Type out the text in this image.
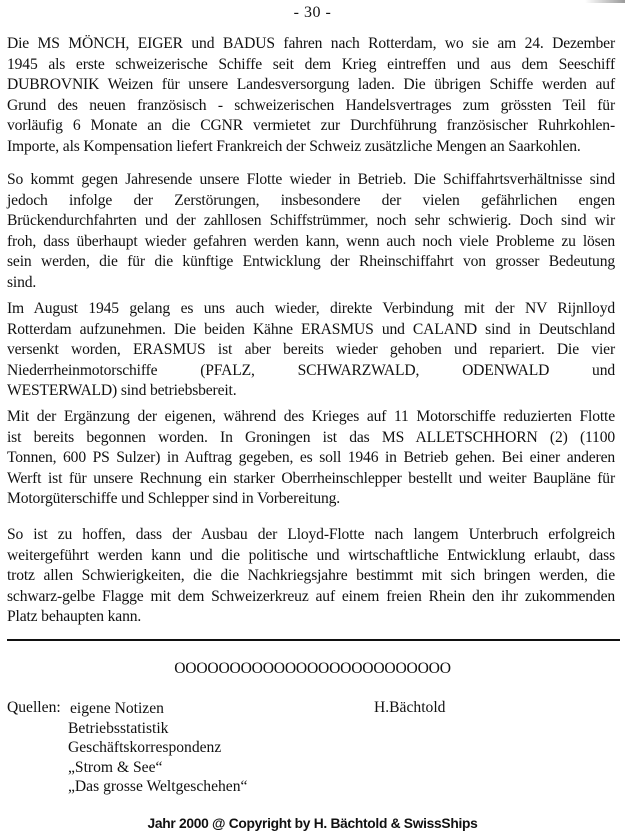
- 30 -
Die MS MÖNCH, EIGER und BADUS fahren nach Rotterdam, wo sie am 24. Dezember
1945 als erste schweizerische Schiffe seit dem Krieg eintreffen und aus dem Seeschiff
DUBROVNIK Weizen für unsere Landesversorgung laden. Die übrigen Schiffe werden auf
Grund des neuen französisch - schweizerischen Handelsvertrages zum grössten Teil für
vorläufig 6 Monate an die CGNR vermietet zur Durchführung französischer Ruhrkohlen-
Importe, als Kompensation liefert Frankreich der Schweiz zusätzliche Mengen an Saarkohlen.
So kommt gegen Jahresende unsere Flotte wieder in Betrieb. Die Schiffahrtsverhältnisse sind
jedoch infolge der Zerstörungen, insbesondere der vielen gefährlichen engen
Brückendurchfahrten und der zahllosen Schiffstrümmer, noch sehr schwierig. Doch sind wir
froh, dass überhaupt wieder gefahren werden kann, wenn auch noch viele Probleme zu lösen
sein werden, die für die künftige Entwicklung der Rheinschiffahrt von grosser Bedeutung
sind.
Im August 1945 gelang es uns auch wieder, direkte Verbindung mit der NV Rijnlloyd
Rotterdam aufzunehmen. Die beiden Kähne ERASMUS und CALAND sind in Deutschland
versenkt worden, ERASMUS ist aber bereits wieder gehoben und repariert. Die vier
Niederrheinmotorschiffe (PFALZ, SCHWARZWALD, ODENWALD und
WESTERWALD) sind betriebsbereit.
Mit der Ergänzung der eigenen, während des Krieges auf 11 Motorschiffe reduzierten Flotte
ist bereits begonnen worden. In Groningen ist das MS ALLETSCHHORN (2) (1100
Tonnen, 600 PS Sulzer) in Auftrag gegeben, es soll 1946 in Betrieb gehen. Bei einer anderen
Werft ist für unsere Rechnung ein starker Oberrheinschlepper bestellt und weiter Baupläne für
Motorgüterschiffe und Schlepper sind in Vorbereitung.
So ist zu hoffen, dass der Ausbau der Lloyd-Flotte nach langem Unterbruch erfolgreich
weitergeführt werden kann und die politische und wirtschaftliche Entwicklung erlaubt, dass
trotz allen Schwierigkeiten, die die Nachkriegsjahre bestimmt mit sich bringen werden, die
schwarz-gelbe Flagge mit dem Schweizerkreuz auf einem freien Rhein den ihr zukommenden
Platz behaupten kann.
OOOOOOOOOOOOOOOOOOOOOOOOO
Quellen: eigene Notizen
Betriebsstatistik
Geschäftskorrespondenz
„Strom & See“
„Das grosse Weltgeschehen“
H.Bächtold
Jahr 2000 @ Copyright by H. Bächtold & SwissShips
